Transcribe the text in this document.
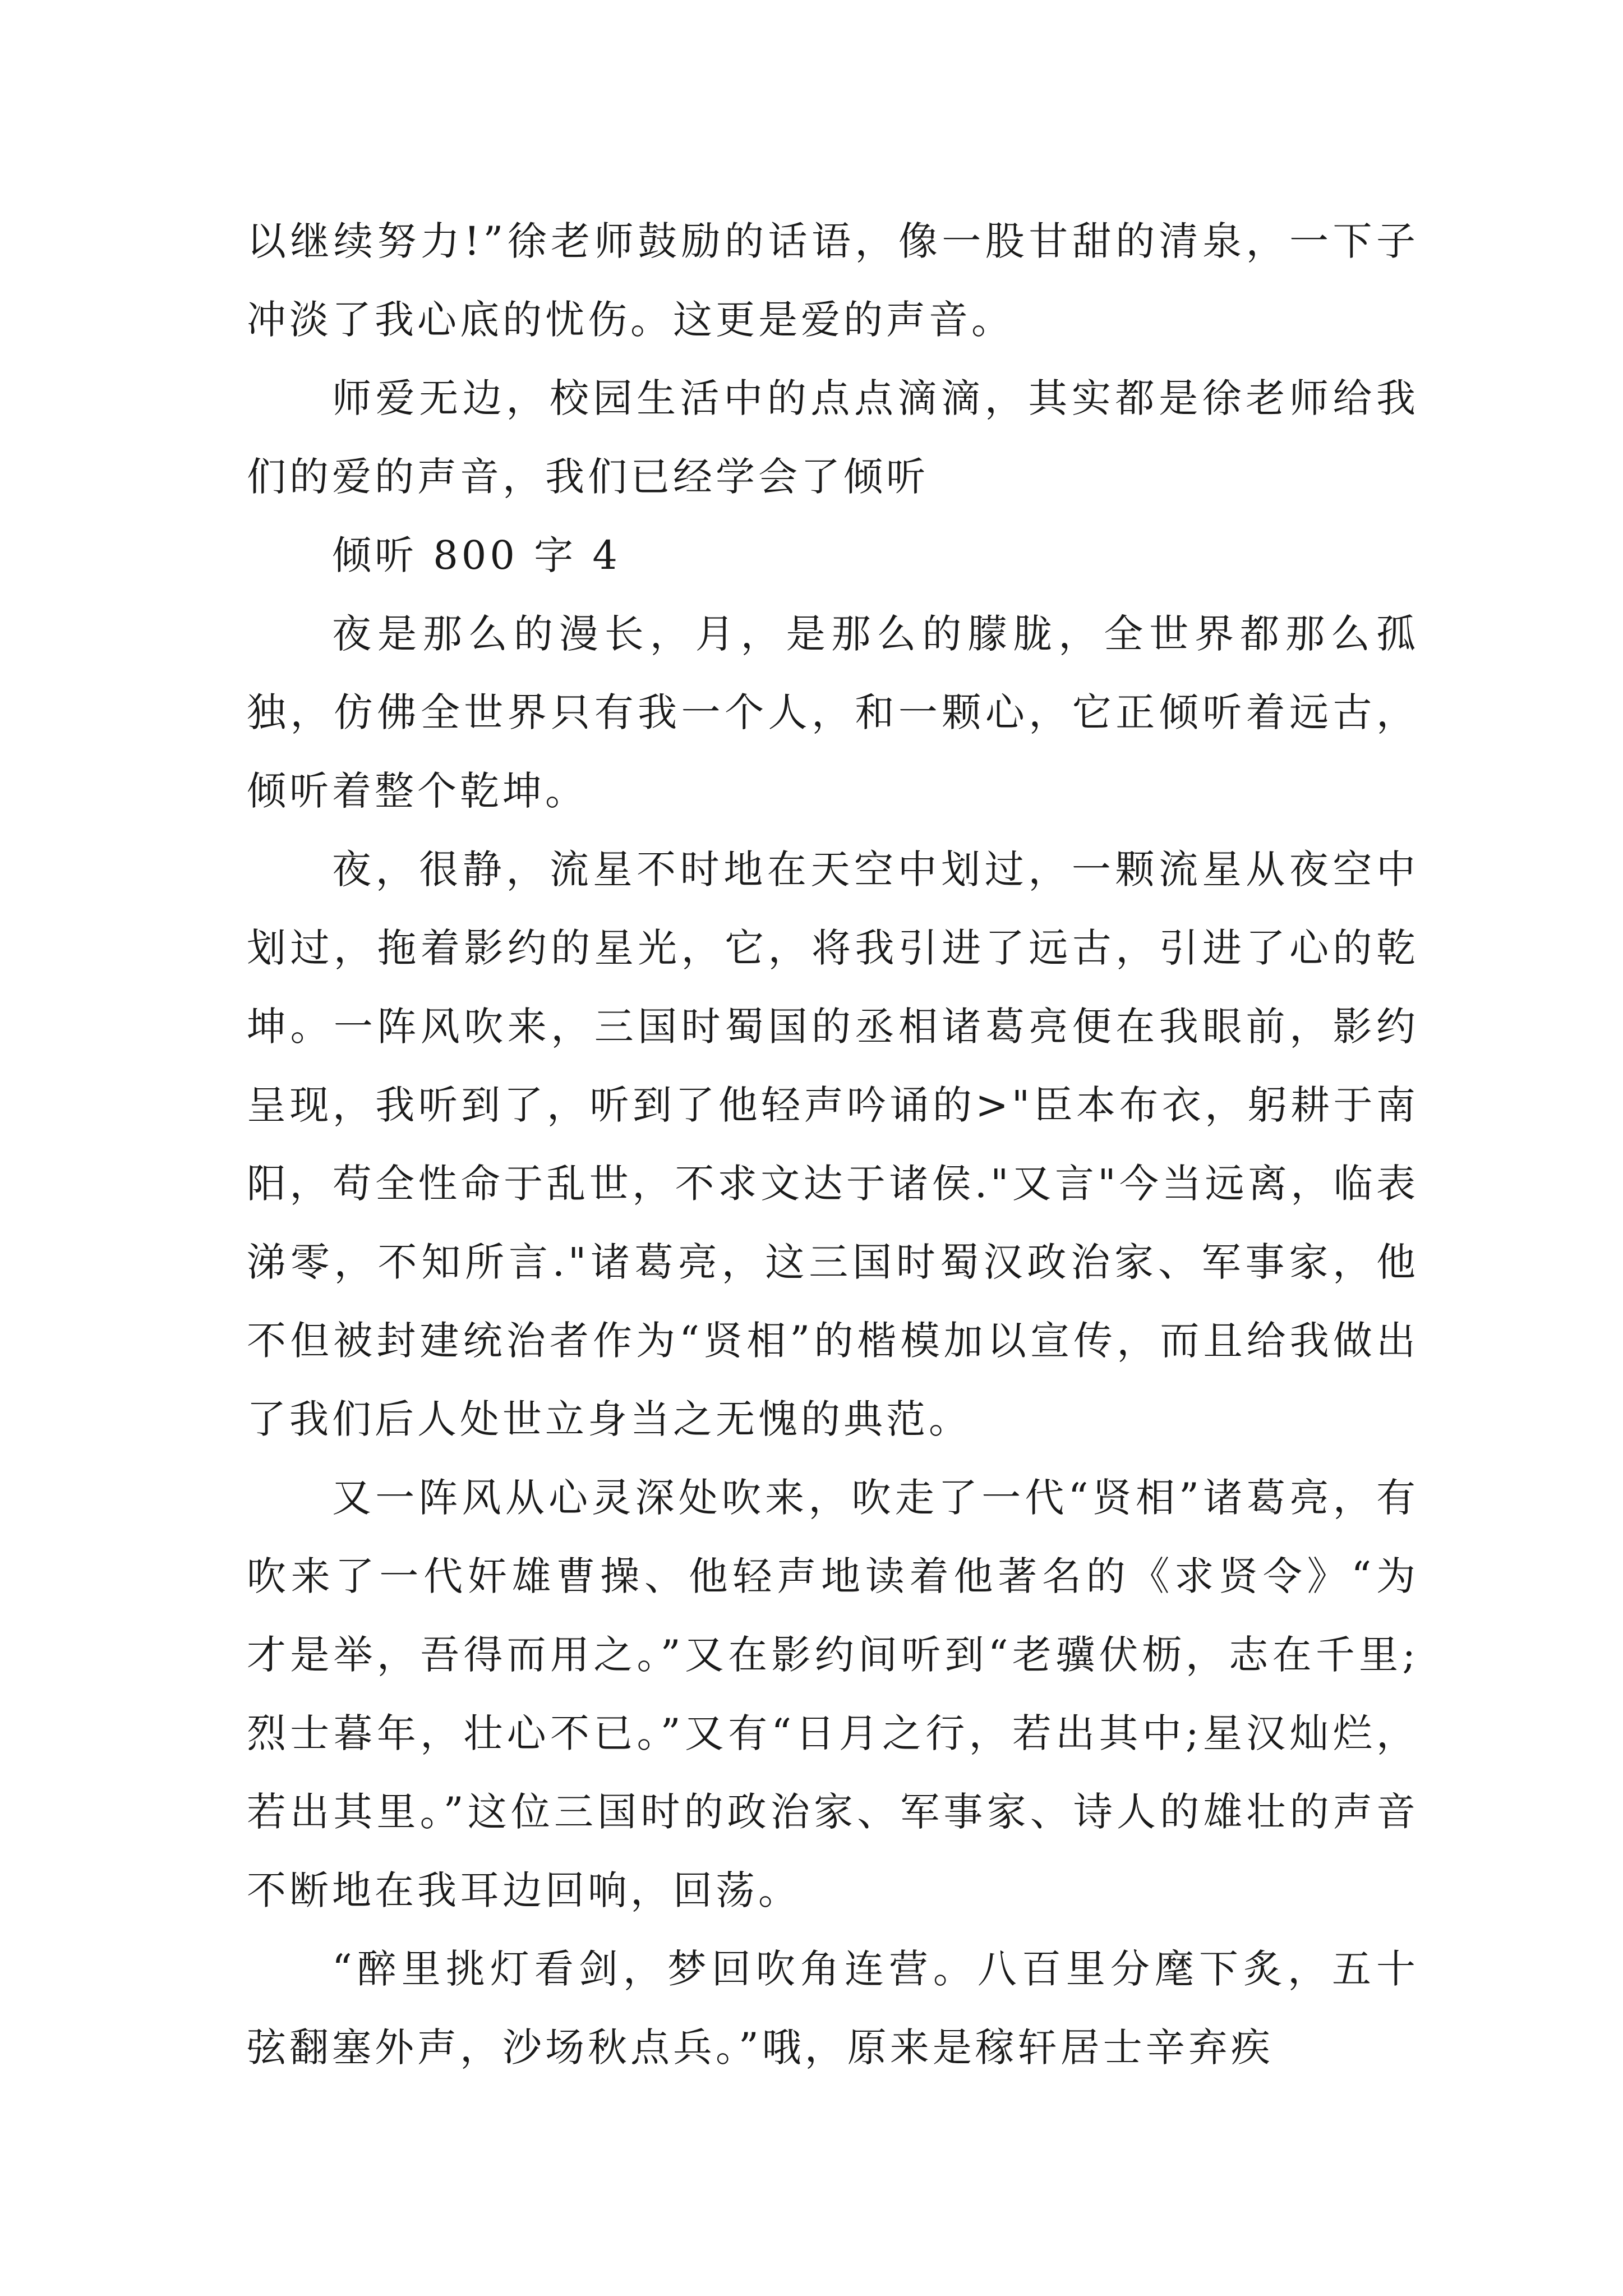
以继续努力!”徐老师鼓励的话语，像一股甘甜的清泉，一下子冲淡了我心底的忧伤。这更是爱的声音。

师爱无边，校园生活中的点点滴滴，其实都是徐老师给我们的爱的声音，我们已经学会了倾听

倾听 800 字 4

夜是那么的漫长，月，是那么的朦胧，全世界都那么孤独，仿佛全世界只有我一个人，和一颗心，它正倾听着远古，倾听着整个乾坤。

夜，很静，流星不时地在天空中划过，一颗流星从夜空中划过，拖着影约的星光，它，将我引进了远古，引进了心的乾坤。一阵风吹来，三国时蜀国的丞相诸葛亮便在我眼前，影约呈现，我听到了，听到了他轻声吟诵的>"臣本布衣，躬耕于南阳，苟全性命于乱世，不求文达于诸侯."又言"今当远离，临表涕零，不知所言."诸葛亮，这三国时蜀汉政治家、军事家，他不但被封建统治者作为“贤相”的楷模加以宣传，而且给我做出了我们后人处世立身当之无愧的典范。

又一阵风从心灵深处吹来，吹走了一代“贤相”诸葛亮，有吹来了一代奸雄曹操、他轻声地读着他著名的《求贤令》“为才是举，吾得而用之。”又在影约间听到“老骥伏枥，志在千里;烈士暮年，壮心不已。”又有“日月之行，若出其中;星汉灿烂，若出其里。”这位三国时的政治家、军事家、诗人的雄壮的声音不断地在我耳边回响，回荡。

“醉里挑灯看剑，梦回吹角连营。八百里分麾下炙，五十弦翻塞外声，沙场秋点兵。”哦，原来是稼轩居士辛弃疾
